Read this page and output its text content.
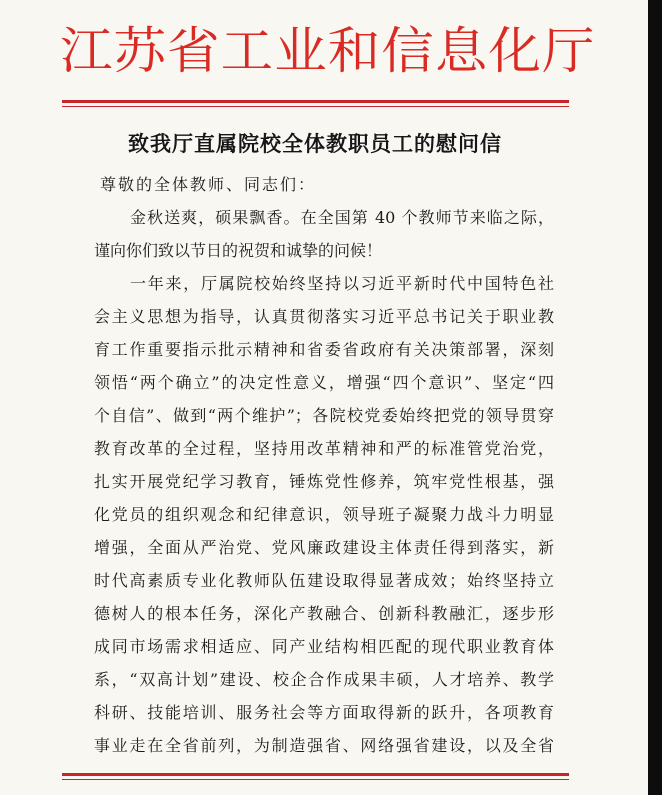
江苏省工业和信息化厅
致我厅直属院校全体教职员工的慰问信
尊敬的全体教师、同志们：
金秋送爽，硕果飘香。在全国第 40 个教师节来临之际，
谨向你们致以节日的祝贺和诚挚的问候！
一年来，厅属院校始终坚持以习近平新时代中国特色社
会主义思想为指导，认真贯彻落实习近平总书记关于职业教
育工作重要指示批示精神和省委省政府有关决策部署，深刻
领悟“两个确立”的决定性意义，增强“四个意识”、坚定“四
个自信”、做到“两个维护”；各院校党委始终把党的领导贯穿
教育改革的全过程，坚持用改革精神和严的标准管党治党，
扎实开展党纪学习教育，锤炼党性修养，筑牢党性根基，强
化党员的组织观念和纪律意识，领导班子凝聚力战斗力明显
增强，全面从严治党、党风廉政建设主体责任得到落实，新
时代高素质专业化教师队伍建设取得显著成效；始终坚持立
德树人的根本任务，深化产教融合、创新科教融汇，逐步形
成同市场需求相适应、同产业结构相匹配的现代职业教育体
系，“双高计划”建设、校企合作成果丰硕，人才培养、教学
科研、技能培训、服务社会等方面取得新的跃升，各项教育
事业走在全省前列，为制造强省、网络强省建设，以及全省
